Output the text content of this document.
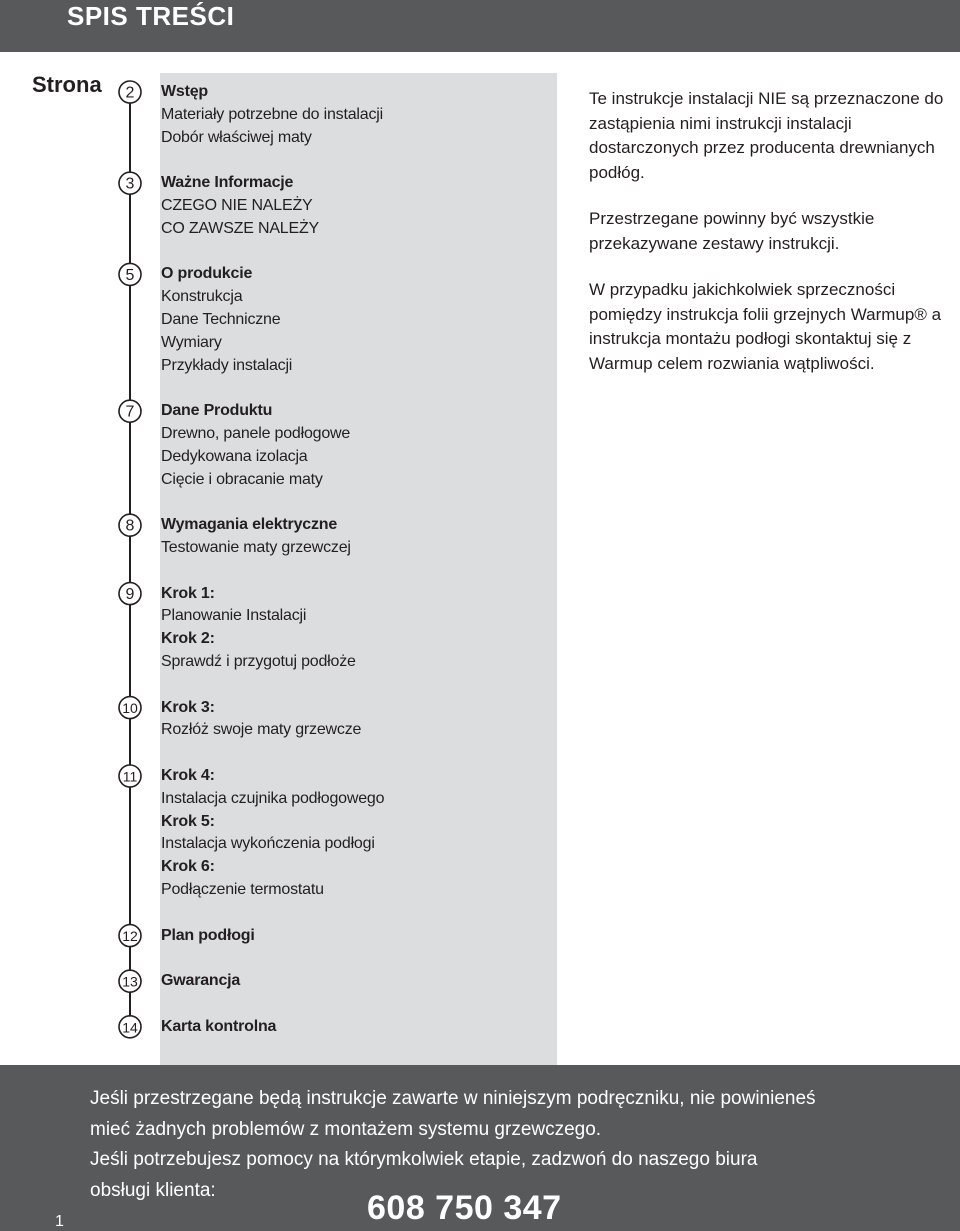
SPIS TREŚCI
Strona 2
3
5
7
8
9
10
11
12
13
14
Wstęp
Materiały potrzebne do instalacji
Dobór właściwej maty
Ważne Informacje
CZEGO NIE NALEŻY
CO ZAWSZE NALEŻY
O produkcie
Konstrukcja
Dane Techniczne
Wymiary
Przykłady instalacji
Dane Produktu
Drewno, panele podłogowe
Dedykowana izolacja
Cięcie i obracanie maty
Wymagania elektryczne
Testowanie maty grzewczej
Krok 1:
Planowanie Instalacji
Krok 2:
Sprawdź i przygotuj podłoże
Krok 3:
Rozłóż swoje maty grzewcze
Krok 4:
Instalacja czujnika podłogowego
Krok 5:
Instalacja wykończenia podłogi
Krok 6:
Podłączenie termostatu
Plan podłogi
Gwarancja
Karta kontrolna

Te instrukcje instalacji NIE są przeznaczone do zastąpienia nimi instrukcji instalacji dostarczonych przez producenta drewnianych podłóg.

Przestrzegane powinny być wszystkie przekazywane zestawy instrukcji.

W przypadku jakichkolwiek sprzeczności pomiędzy instrukcja folii grzejnych Warmup® a instrukcja montażu podłogi skontaktuj się z Warmup celem rozwiania wątpliwości.

Jeśli przestrzegane będą instrukcje zawarte w niniejszym podręczniku, nie powinieneś
mieć żadnych problemów z montażem systemu grzewczego.
Jeśli potrzebujesz pomocy na którymkolwiek etapie, zadzwoń do naszego biura
obsługi klienta:	608 750 347
1
